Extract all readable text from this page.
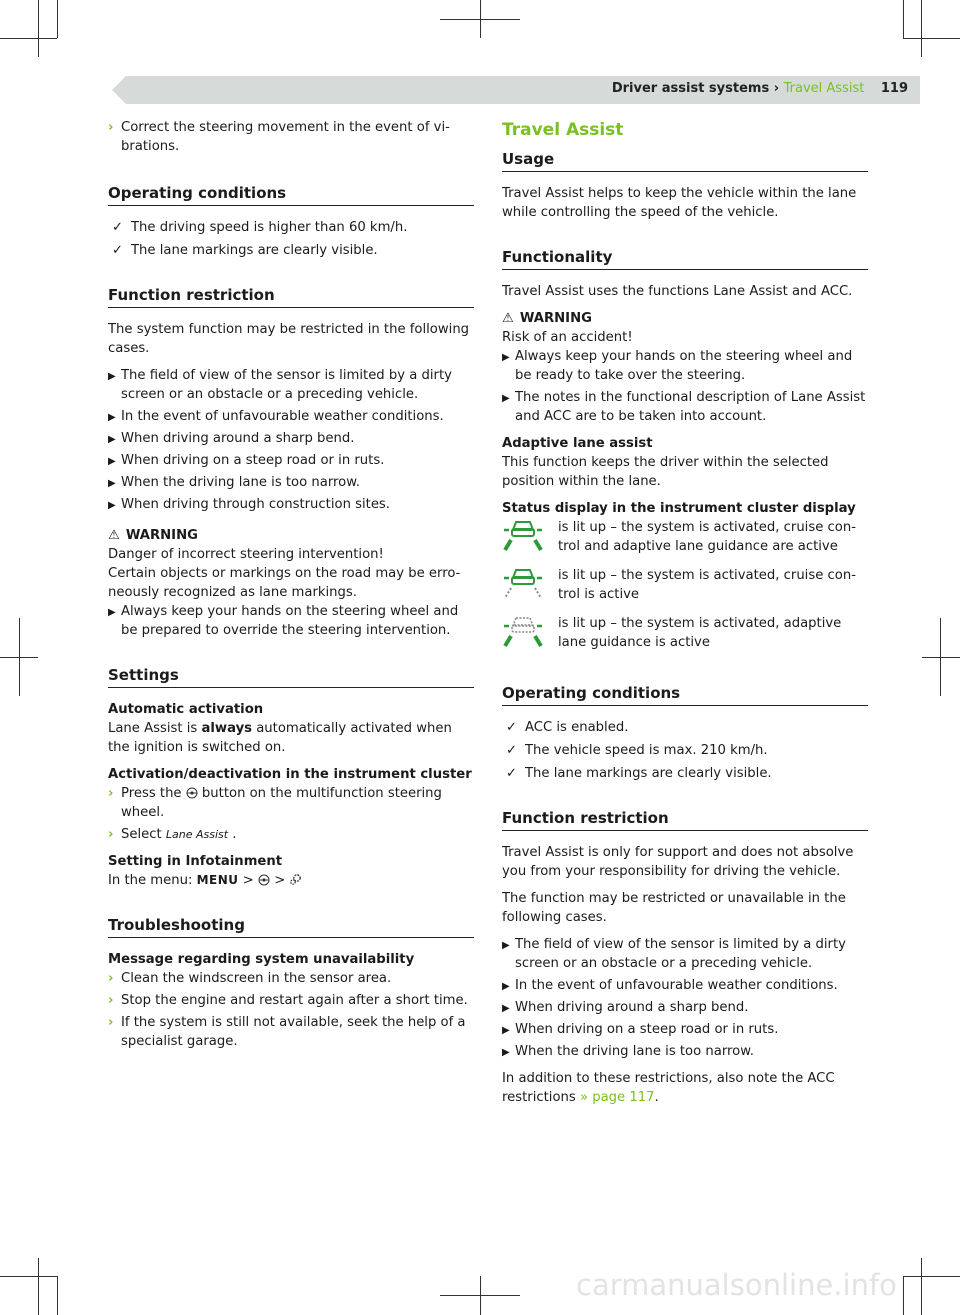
Driver assist systems › Travel Assist 119
› Correct the steering movement in the event of vibrations.
Operating conditions
✓ The driving speed is higher than 60 km/h.
✓ The lane markings are clearly visible.
Function restriction

The system function may be restricted in the following cases.

▶ The field of view of the sensor is limited by a dirty screen or an obstacle or a preceding vehicle.
▶ In the event of unfavourable weather conditions.
▶ When driving around a sharp bend.
▶ When driving on a steep road or in ruts.
▶ When the driving lane is too narrow.
▶ When driving through construction sites.
⚠ WARNING
Danger of incorrect steering intervention!
Certain objects or markings on the road may be erroneously recognized as lane markings.
▶ Always keep your hands on the steering wheel and be prepared to override the steering intervention.
Settings
Automatic activation

Lane Assist is always automatically activated when the ignition is switched on.

Activation/deactivation in the instrument cluster
› Press the  button on the multifunction steering wheel.
› Select Lane Assist .
Setting in Infotainment

In the menu: MENU > >

Troubleshooting
Message regarding system unavailability
› Clean the windscreen in the sensor area.
› Stop the engine and restart again after a short time.
› If the system is still not available, seek the help of a specialist garage.
Travel Assist
Usage

Travel Assist helps to keep the vehicle within the lane while controlling the speed of the vehicle.

Functionality

Travel Assist uses the functions Lane Assist and ACC.

⚠ WARNING
Risk of an accident!
▶ Always keep your hands on the steering wheel and be ready to take over the steering.
▶ The notes in the functional description of Lane Assist and ACC are to be taken into account.
Adaptive lane assist

This function keeps the driver within the selected position within the lane.

Status display in the instrument cluster display
is lit up – the system is activated, cruise control and adaptive lane guidance are active
is lit up – the system is activated, cruise control is active
is lit up – the system is activated, adaptive lane guidance is active
Operating conditions
✓ ACC is enabled.
✓ The vehicle speed is max. 210 km/h.
✓ The lane markings are clearly visible.
Function restriction

Travel Assist is only for support and does not absolve you from your responsibility for driving the vehicle.

The function may be restricted or unavailable in the following cases.

▶ The field of view of the sensor is limited by a dirty screen or an obstacle or a preceding vehicle.
▶ In the event of unfavourable weather conditions.
▶ When driving around a sharp bend.
▶ When driving on a steep road or in ruts.
▶ When the driving lane is too narrow.

In addition to these restrictions, also note the ACC restrictions » page 117.

carmanualsonline.info
